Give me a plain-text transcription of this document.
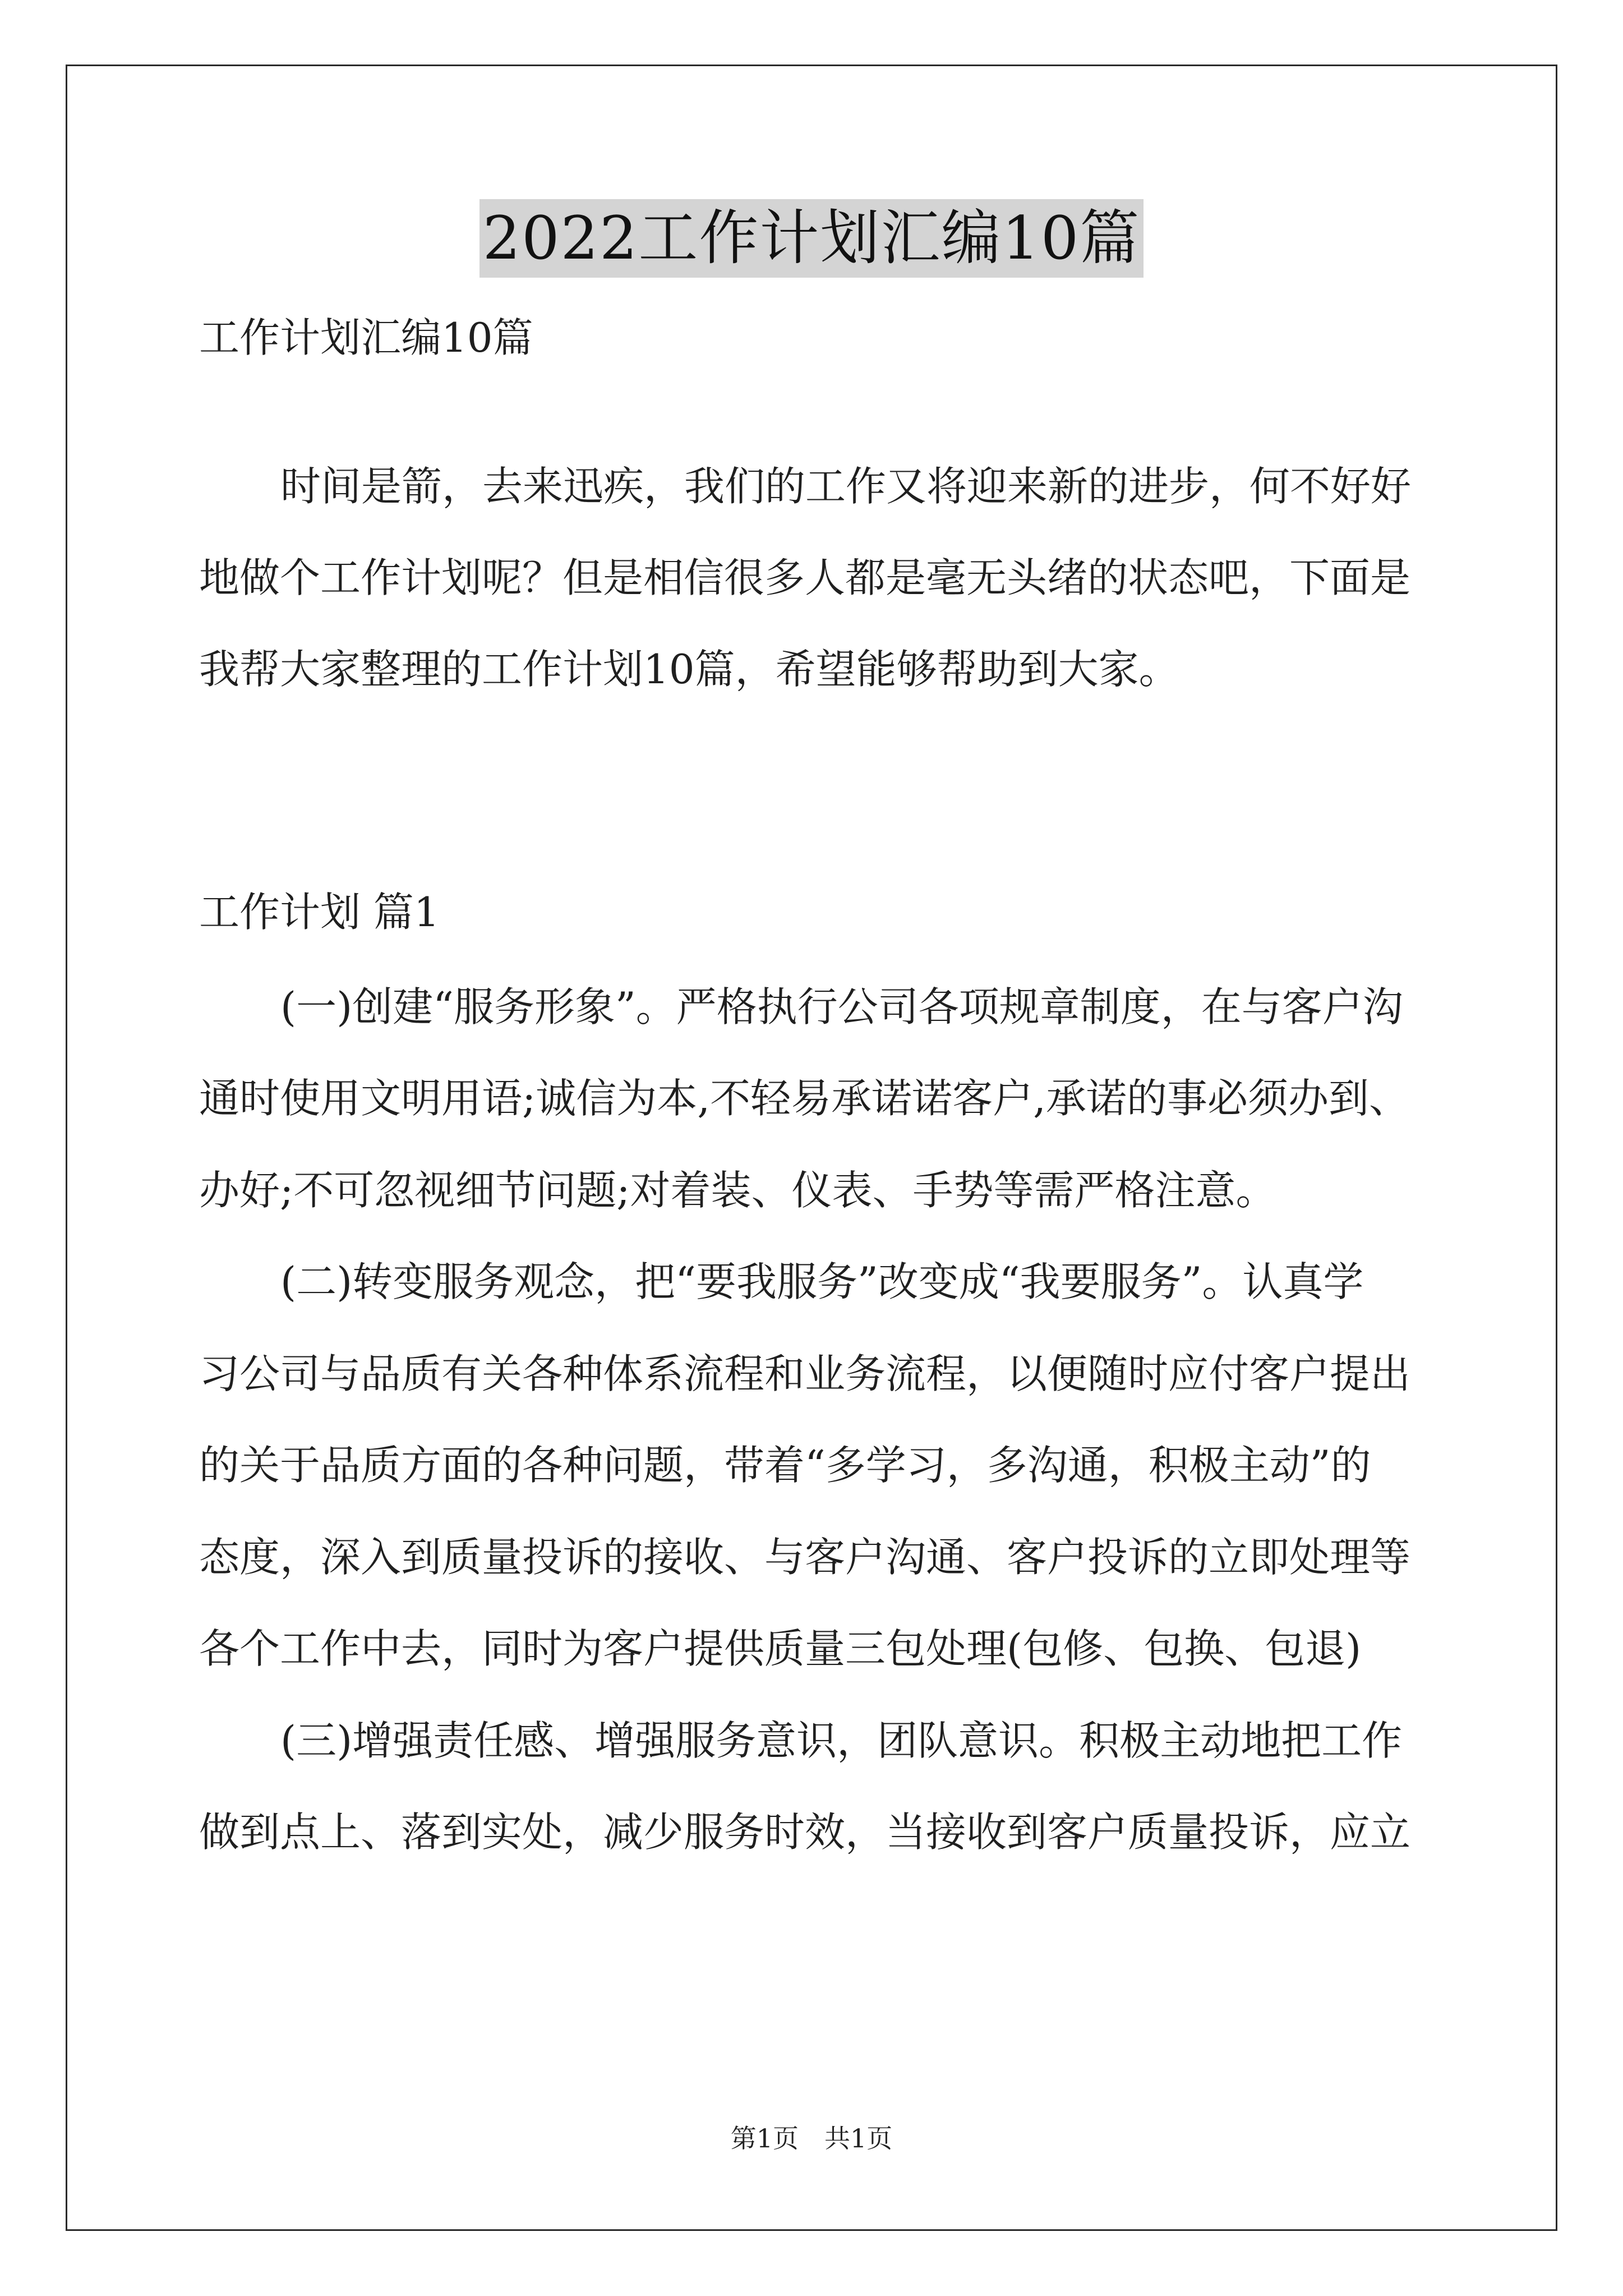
2022工作计划汇编10篇
工作计划汇编10篇
时间是箭，去来迅疾，我们的工作又将迎来新的进步，何不好好
地做个工作计划呢？但是相信很多人都是毫无头绪的状态吧，下面是
我帮大家整理的工作计划10篇，希望能够帮助到大家。
工作计划 篇1
(一)创建“服务形象”。严格执行公司各项规章制度，在与客户沟
通时使用文明用语;诚信为本,不轻易承诺诺客户,承诺的事必须办到、
办好;不可忽视细节问题;对着装、仪表、手势等需严格注意。
(二)转变服务观念，把“要我服务”改变成“我要服务”。认真学
习公司与品质有关各种体系流程和业务流程，以便随时应付客户提出
的关于品质方面的各种问题，带着“多学习，多沟通，积极主动”的
态度，深入到质量投诉的接收、与客户沟通、客户投诉的立即处理等
各个工作中去，同时为客户提供质量三包处理(包修、包换、包退)
(三)增强责任感、增强服务意识，团队意识。积极主动地把工作
做到点上、落到实处，减少服务时效，当接收到客户质量投诉，应立
第1页　共1页
